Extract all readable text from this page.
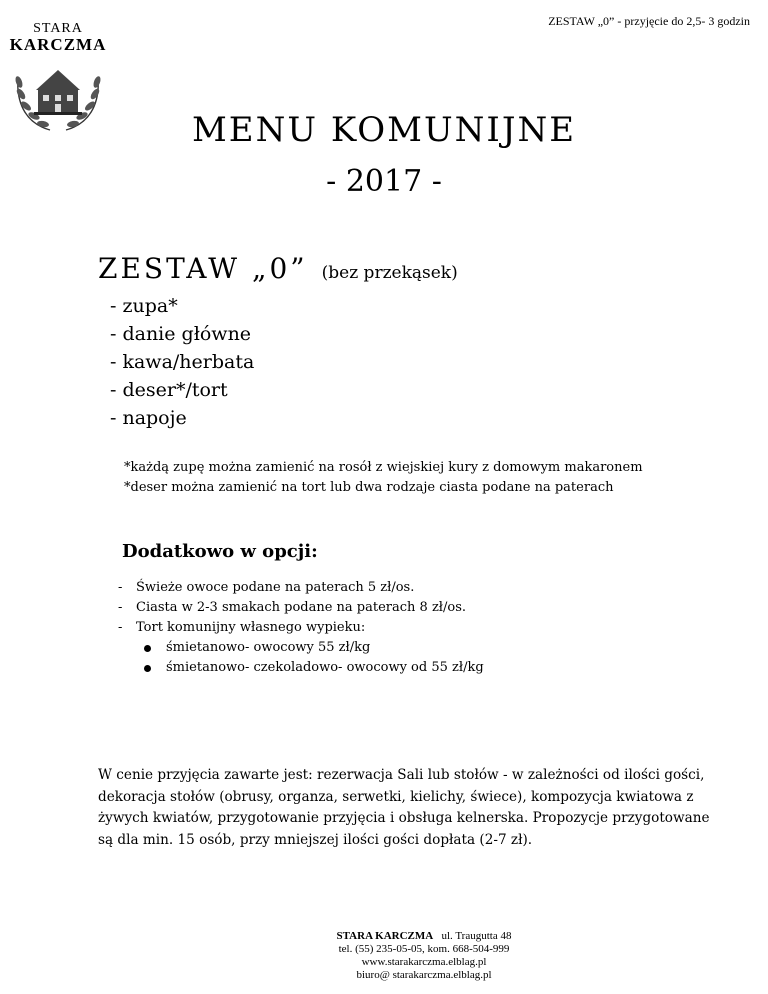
STARA
KARCZMA
ZESTAW „0” - przyjęcie do 2,5- 3 godzin
MENU KOMUNIJNE
- 2017 -
ZESTAW „0” (bez przekąsek)
- zupa*
- danie główne
- kawa/herbata
- deser*/tort
- napoje
*każdą zupę można zamienić na rosół z wiejskiej kury z domowym makaronem
*deser można zamienić na tort lub dwa rodzaje ciasta podane na paterach
Dodatkowo w opcji:
- Świeże owoce podane na paterach 5 zł/os.
- Ciasta w 2-3 smakach podane na paterach 8 zł/os.
- Tort komunijny własnego wypieku:
śmietanowo- owocowy 55 zł/kg
śmietanowo- czekoladowo- owocowy od 55 zł/kg
W cenie przyjęcia zawarte jest: rezerwacja Sali lub stołów - w zależności od ilości gości, dekoracja stołów (obrusy, organza, serwetki, kielichy, świece), kompozycja kwiatowa z żywych kwiatów, przygotowanie przyjęcia i obsługa kelnerska. Propozycje przygotowane są dla min. 15 osób, przy mniejszej ilości gości dopłata (2-7 zł).
STARA KARCZMA ul. Traugutta 48
tel. (55) 235-05-05, kom. 668-504-999
www.starakarczma.elblag.pl
biuro@ starakarczma.elblag.pl
